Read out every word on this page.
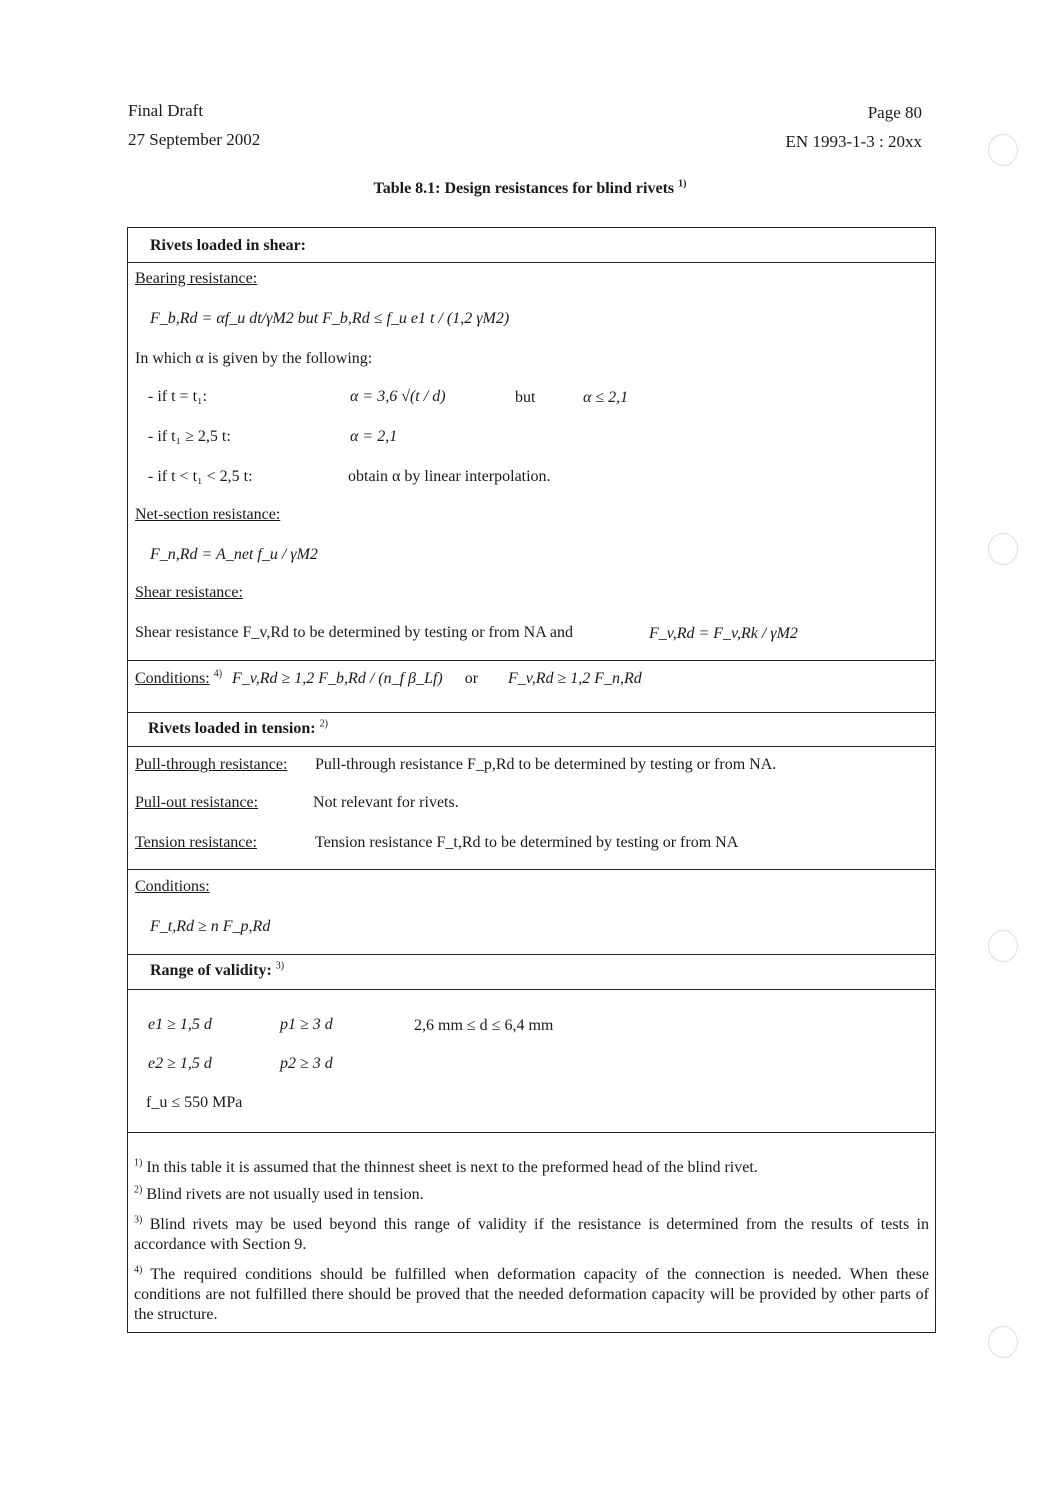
Final Draft
27 September 2002
Page 80
EN 1993-1-3 : 20xx
Table 8.1: Design resistances for blind rivets $^{1)}$
Rivets loaded in shear:
Bearing resistance:
F_b,Rd = αf_u dt/γM2 but F_b,Rd ≤ f_u e1 t / (1,2 γM2)
In which α is given by the following:
- if t = t₁:	α = 3,6 √(t / d)	but	α ≤ 2,1
- if t₁ ≥ 2,5 t:	α = 2,1
- if t < t₁ < 2,5 t:	obtain α by linear interpolation.
Net-section resistance:
F_n,Rd = A_net f_u / γM2
Shear resistance:
Shear resistance F_v,Rd to be determined by testing or from NA and	F_v,Rd = F_v,Rk / γM2
Conditions: $^{4)}$ F_v,Rd ≥ 1,2 F_b,Rd / (n_f β_Lf) or F_v,Rd ≥ 1,2 F_n,Rd
Rivets loaded in tension: $^{2)}$
Pull-through resistance: Pull-through resistance F_p,Rd to be determined by testing or from NA.
Pull-out resistance:	Not relevant for rivets.
Tension resistance:	Tension resistance F_t,Rd to be determined by testing or from NA
Conditions:
F_t,Rd ≥ n F_p,Rd
Range of validity: $^{3)}$
e1 ≥ 1,5 d	p1 ≥ 3 d	2,6 mm ≤ d ≤ 6,4 mm
e2 ≥ 1,5 d	p2 ≥ 3 d
f_u ≤ 550 MPa
$^{1)}$ In this table it is assumed that the thinnest sheet is next to the preformed head of the blind rivet.
$^{2)}$ Blind rivets are not usually used in tension.
$^{3)}$ Blind rivets may be used beyond this range of validity if the resistance is determined from the results of tests in accordance with Section 9.
$^{4)}$ The required conditions should be fulfilled when deformation capacity of the connection is needed. When these conditions are not fulfilled there should be proved that the needed deformation capacity will be provided by other parts of the structure.
